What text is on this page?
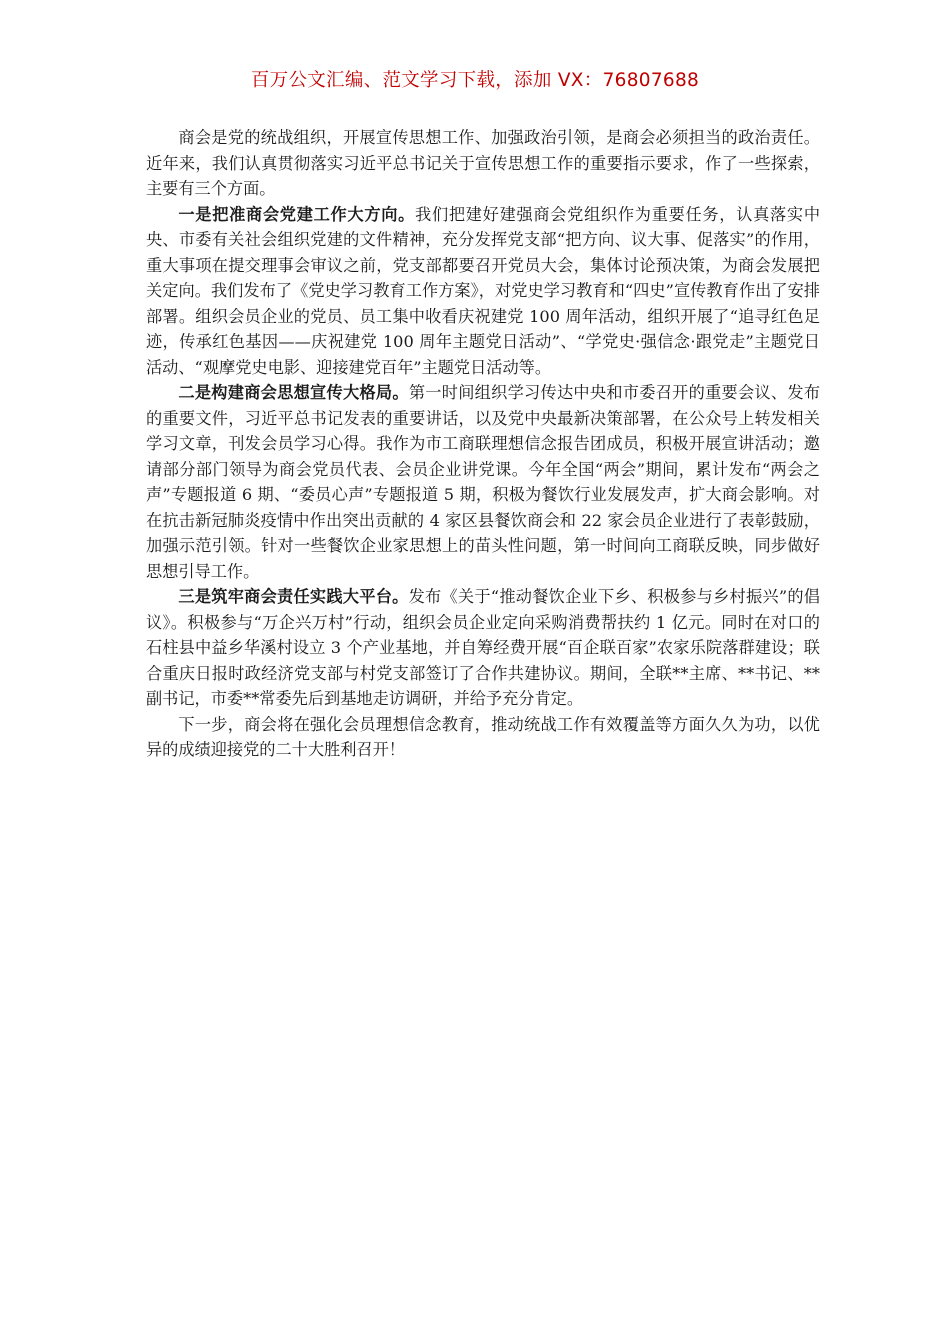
百万公文汇编、范文学习下载，添加 VX：76807688

商会是党的统战组织，开展宣传思想工作、加强政治引领，是商会必须担当的政治责任。近年来，我们认真贯彻落实习近平总书记关于宣传思想工作的重要指示要求，作了一些探索，主要有三个方面。

一是把准商会党建工作大方向。我们把建好建强商会党组织作为重要任务，认真落实中央、市委有关社会组织党建的文件精神，充分发挥党支部“把方向、议大事、促落实”的作用，重大事项在提交理事会审议之前，党支部都要召开党员大会，集体讨论预决策，为商会发展把关定向。我们发布了《党史学习教育工作方案》，对党史学习教育和“四史”宣传教育作出了安排部署。组织会员企业的党员、员工集中收看庆祝建党 100 周年活动，组织开展了“追寻红色足迹，传承红色基因——庆祝建党 100 周年主题党日活动”、“学党史·强信念·跟党走”主题党日活动、“观摩党史电影、迎接建党百年”主题党日活动等。

二是构建商会思想宣传大格局。第一时间组织学习传达中央和市委召开的重要会议、发布的重要文件，习近平总书记发表的重要讲话，以及党中央最新决策部署，在公众号上转发相关学习文章，刊发会员学习心得。我作为市工商联理想信念报告团成员，积极开展宣讲活动；邀请部分部门领导为商会党员代表、会员企业讲党课。今年全国“两会”期间，累计发布“两会之声”专题报道 6 期、“委员心声”专题报道 5 期，积极为餐饮行业发展发声，扩大商会影响。对在抗击新冠肺炎疫情中作出突出贡献的 4 家区县餐饮商会和 22 家会员企业进行了表彰鼓励，加强示范引领。针对一些餐饮企业家思想上的苗头性问题，第一时间向工商联反映，同步做好思想引导工作。

三是筑牢商会责任实践大平台。发布《关于“推动餐饮企业下乡、积极参与乡村振兴”的倡议》。积极参与“万企兴万村”行动，组织会员企业定向采购消费帮扶约 1 亿元。同时在对口的石柱县中益乡华溪村设立 3 个产业基地，并自筹经费开展“百企联百家”农家乐院落群建设；联合重庆日报时政经济党支部与村党支部签订了合作共建协议。期间，全联**主席、**书记、**副书记，市委**常委先后到基地走访调研，并给予充分肯定。

下一步，商会将在强化会员理想信念教育，推动统战工作有效覆盖等方面久久为功，以优异的成绩迎接党的二十大胜利召开！
